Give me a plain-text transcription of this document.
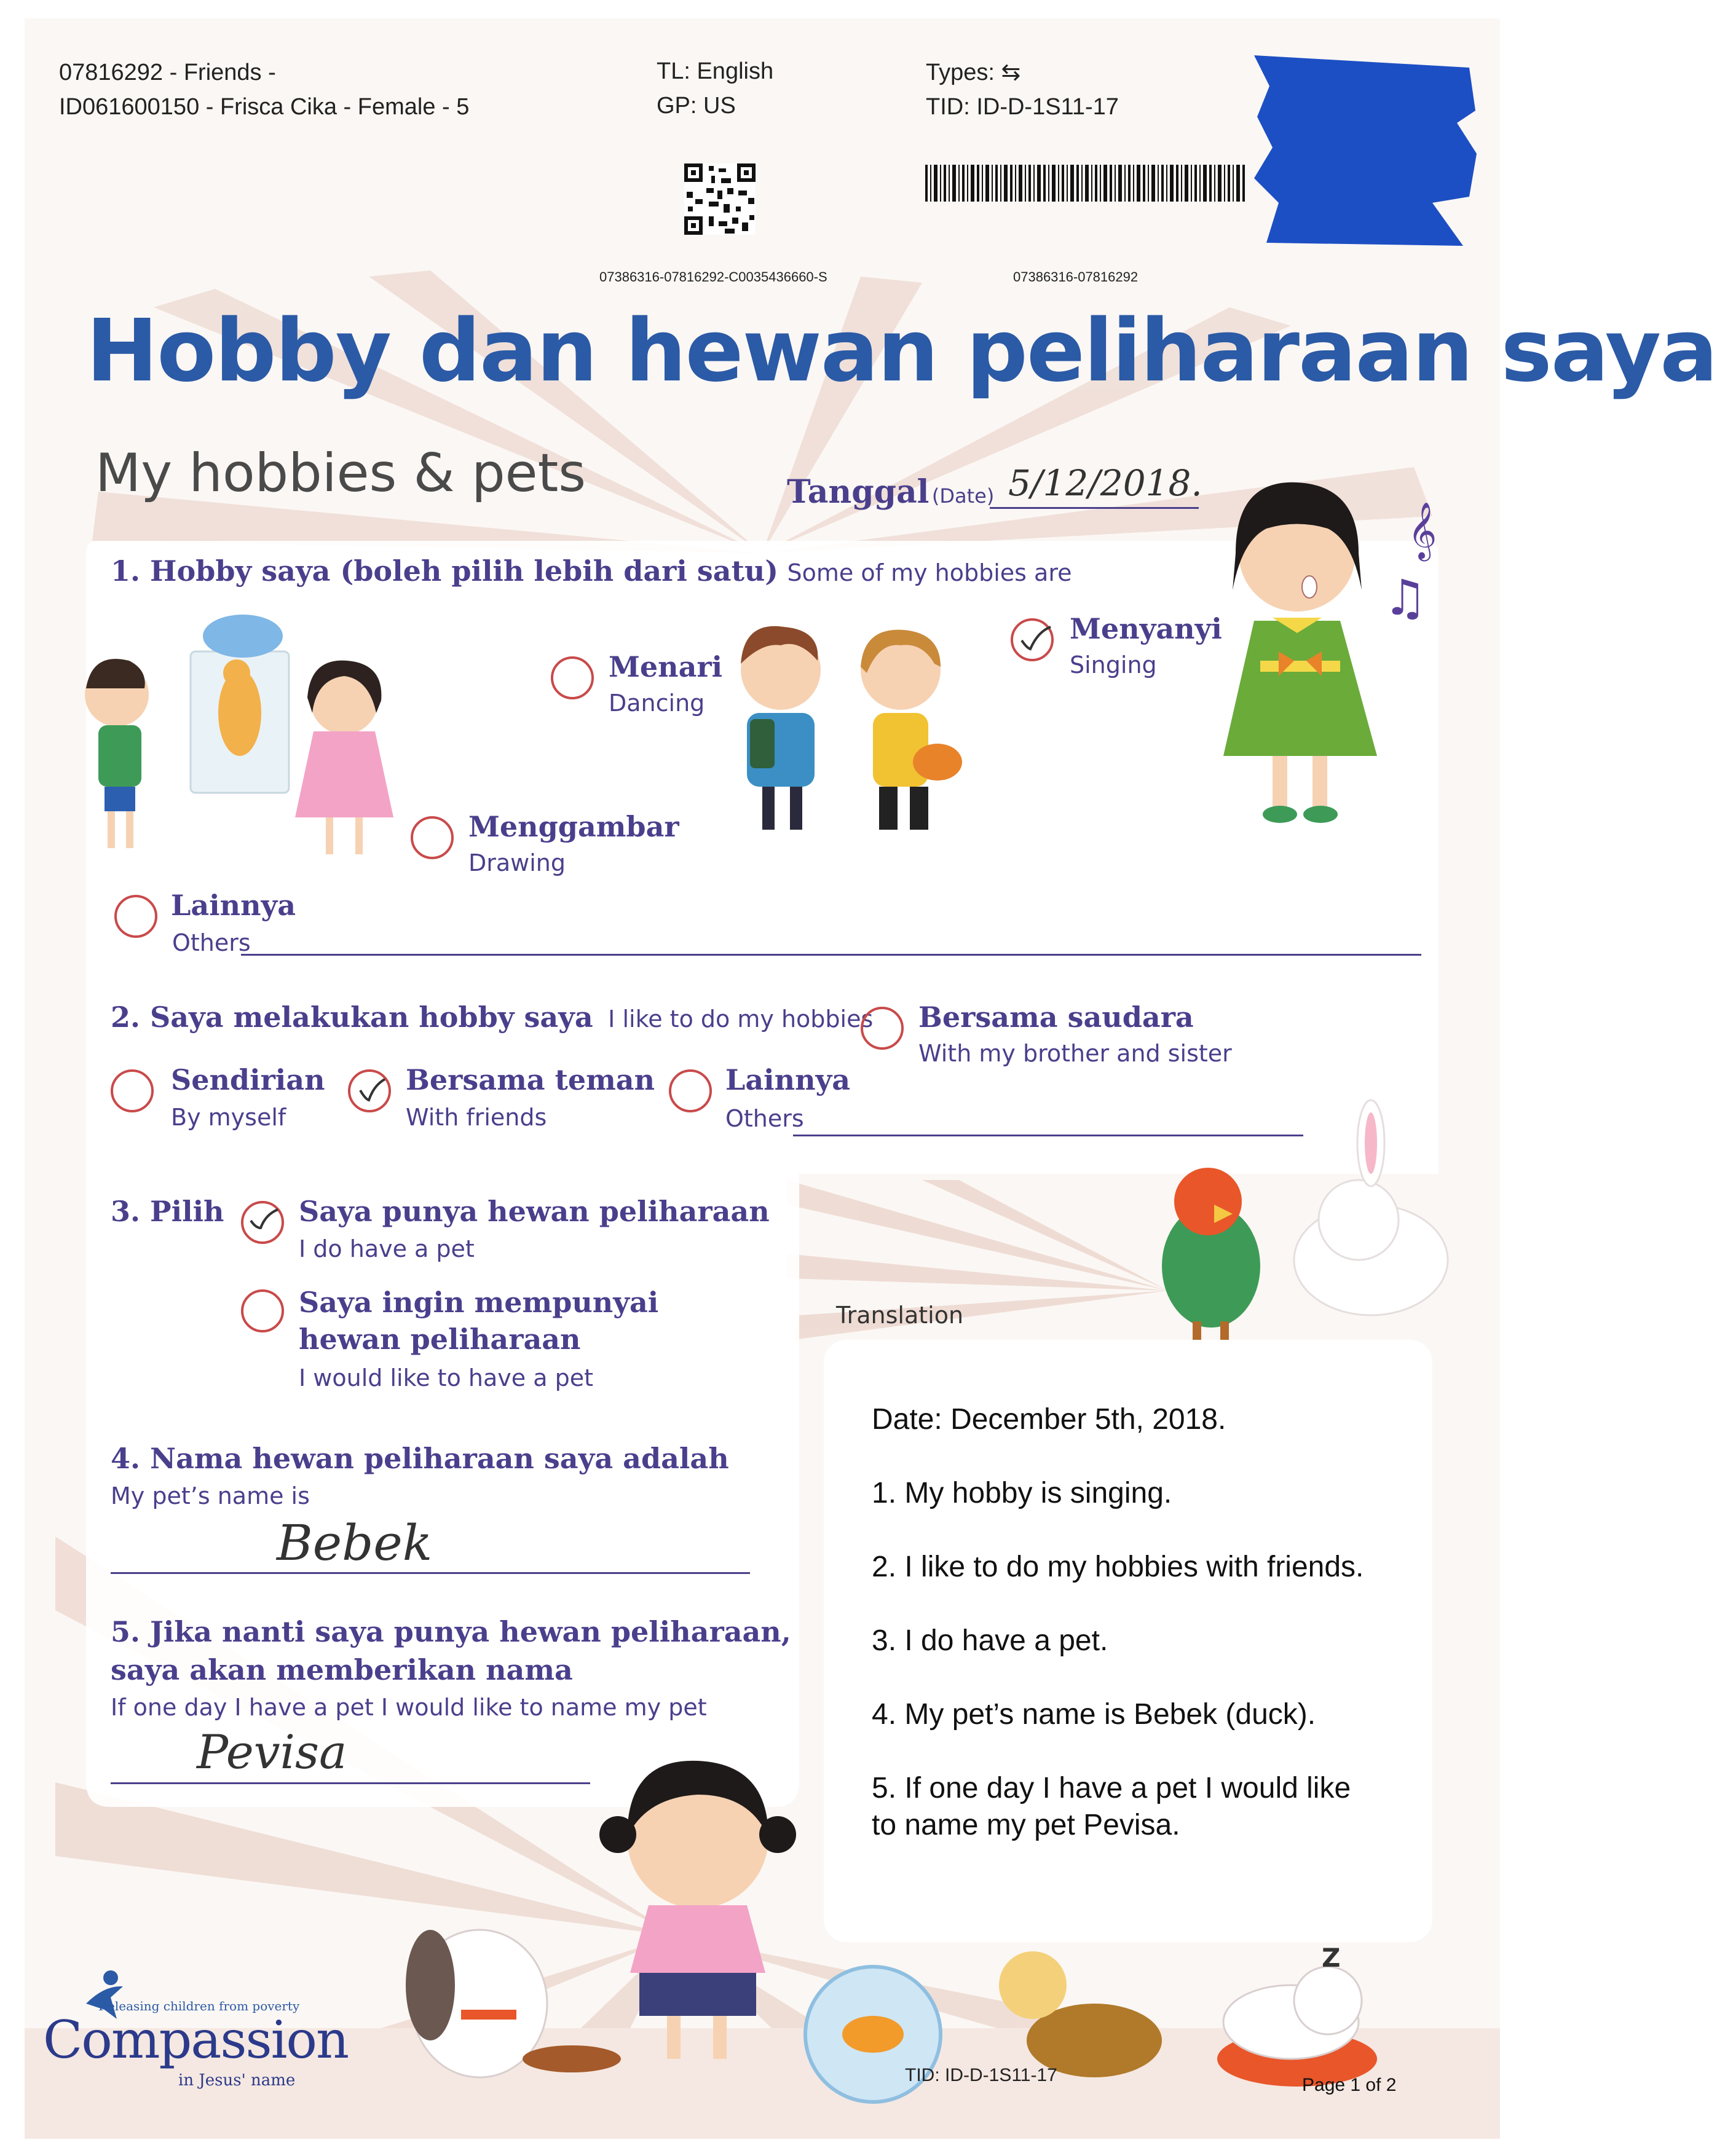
𝄞
♫
Z
07816292 - Friends -
ID061600150 - Frisca Cika - Female - 5
TL: English
GP: US
Types: ⇆
TID: ID-D-1S11-17
07386316-07816292-C0035436660-S	07386316-07816292
Hobby dan hewan peliharaan saya
My hobbies & pets	Tanggal (Date) 5/12/2018.
1. Hobby saya (boleh pilih lebih dari satu) Some of my hobbies are
Menari
Dancing
Menyanyi
Singing
Menggambar
Drawing
Lainnya
Others
2. Saya melakukan hobby saya I like to do my hobbies Bersama saudara
With my brother and sister
Sendirian
By myself
Bersama teman
With friends
Lainnya
Others
3. Pilih	Saya punya hewan peliharaan
I do have a pet
Saya ingin mempunyai
hewan peliharaan
I would like to have a pet
4. Nama hewan peliharaan saya adalah
My pet’s name is
Bebek
5. Jika nanti saya punya hewan peliharaan,
saya akan memberikan nama
If one day I have a pet I would like to name my pet
Pevisa
Translation
Date: December 5th, 2018.
1. My hobby is singing.
2. I like to do my hobbies with friends.
3. I do have a pet.
4. My pet’s name is Bebek (duck).
5. If one day I have a pet I would like
to name my pet Pevisa.
Releasing children from poverty
Compassion
in Jesus' name	TID: ID-D-1S11-17	Page 1 of 2
